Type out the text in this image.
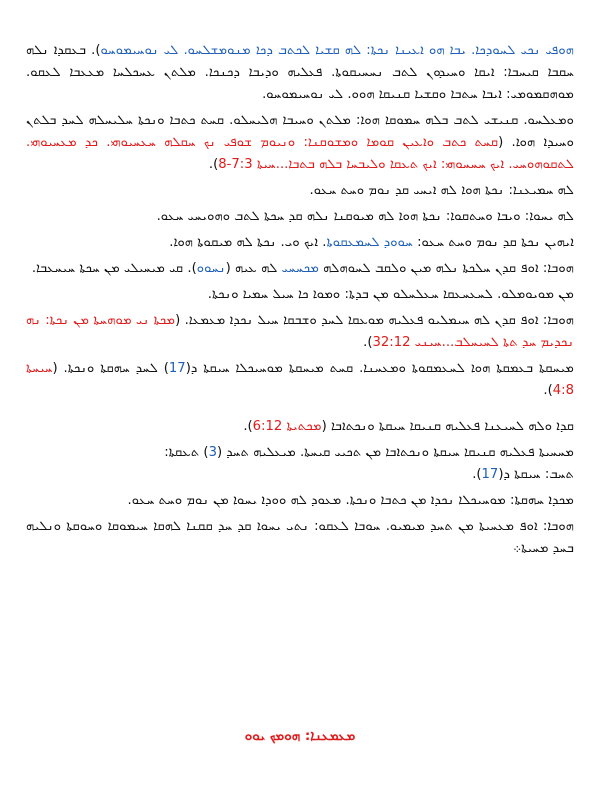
ܗܘܦܝ ܢܟܝ ܠܚܘܕܟܐ. ܝܒܐ ܗܘ ܐܥܝܢܐ ܢܟܬܐ: ܠܗ ܩܫܝܐ ܠܟܬܒ ܕܟܐ ܡܢܘܡܫܠܚܘ. ܠܝ ܢܘܚܝܡܘܚܘ). ܒܥܩܕܐ ܢܠܗ ܚܩܒܐ ܩܝܚܒܐ: ܐܝܩܐ ܘܚܝܕܘܢ ܠܬܒ ܢܚܚܝܩܘܬܐ. ܦܥܠܝܗ ܘܕܝܒܐ ܕܟܢܟܐ. ܡܠܬܢ ܥܚܟܠܚܐ ܡܥܥܒܐ ܠܥܩܘ. ܡܘܗܩܡܘܡܝ: ܐܝܒܐ ܚܬܒܐ ܘܩܫܝܐ ܩܢܝܩܐ ܗܘܘ. ܠܝ ܢܘܚܝܡܘܚܘ.

ܘܡܥܠܚܘ. ܩܢܝܫܝ ܠܬܒ ܒܠܗ ܚܡܘܩܐ ܗܘܐ: ܡܠܬܢ ܘܚܝܒܐ ܗܠܝܚܠܘ. ܩܚܬ ܟܬܒܐ ܘܢܟܬܐ ܚܠܝܚܠܗ ܠܚܕ ܒܠܬܢ ܘܚܝܕܐ ܗܘܐ. (ܩܚܬ ܟܬܒ ܘܐܥܝܢ ܩܘܡܐ ܘܡܫܘܩܢܐ: ܘܢܝܘܡ ܫܘܦܝ ܢܟ ܚܩܠܗ ܚܥܚܝܘܗܝ. ܟܕ ܡܥܚܝܘܗܝ. ܠܬܩܘܗܘܚܝ. ܐܝܟ ܚܚܚܘܗܝ: ܐܝܟ ܬܥܩܐ ܘܠܝܒܚܐ ܒܠܗ ܒܬܒܐ...ܚܝܬܐ 7:3-8).

ܠܗ ܚܡܝܥܢܐ: ܢܟܬܐ ܗܘܐ ܠܗ ܐܝܚܝ ܩܕ ܢܘܡ ܘܚܬ ܚܥܘ.

ܠܗ ܝܚܘܐ: ܘܝܒܐ ܘܚܬܩܘܐ: ܢܟܬܐ ܗܘܐ ܠܗ ܡܝܘܩܢܐ ܢܠܗ ܩܕ ܚܟܬܐ ܠܬܒ ܘܗܘܝܚܝ ܚܥܘ.

ܐܝܗܝܢ ܢܟܬܐ ܩܕ ܢܘܡ ܘܚܬ ܚܥܘ: ܚܘܘܕ ܠܚܡܥܩܘܬܐ. ܐܝܟ ܘܝ. ܢܟܬܐ ܠܗ ܡܝܩܘܬܐ ܗܘܐ.

ܗܘܒܐ: ܐܘܦ ܩܕܢ ܚܠܟܬܐ ܢܠܗ ܡܝܢ ܘܠܩܒ ܠܚܘܗܠܗ ܡܟܚܚܝ ܠܗ ܥܝܗ (ܢܚܘܘ). ܩܝ ܡܝܚܝܠܝ ܡܢ ܚܟܬܐ ܚܝܚܥܒܐ.

ܡܢ ܡܘܝܘܡܠܘ. ܠܚܥܚܥܩܐ ܚܥܠܚܠܘ ܡܢ ܒܕܬܐ: ܘܡܘܐ ܟܐ ܚܝܠ ܚܡܝܐ ܘܢܟܬܐ.

ܗܘܒܐ: ܐܘܦ ܩܕܢ ܠܗ ܚܝܡܠܝܘ ܦܥܠܝܗ ܡܘܥܩܐ ܠܚܕ ܘܫܒܩܐ ܚܝܠ ܢܟܕܐ ܡܥܡܥܐ. (ܡܟܬܐ ܢܝ ܡܘܗܚܬܐ ܡܢ ܢܟܬܐ: ܢܗ ܢܟܕܝܡ ܚܕ ܬܬܐ ܠܚܝܚܠܒ...ܚܝܢܝ 32:12).

ܡܝܚܩܬܐ ܒܥܡܩܬܐ ܗܘܐ ܠܚܥܡܩܘܬܐ ܘܡܥܚܢܐ. ܩܚܬ ܡܝܚܩܬܐ ܡܘܚܝܟܠܐ ܚܝܩܬܐ ܕ(17) ܠܚܕ ܚܗܩܬܐ ܘܢܟܬܐ. (ܚܝܚܬܐ 4:8).

ܩܕܐ ܘܠܗ ܠܚܝܥܢܐ ܦܥܠܝܗ ܩܢܝܩܐ ܚܝܩܬܐ ܘܢܟܬܐܒܐ (ܡܟܬܝܬܐ 6:12).

ܡܚܚܝܬܐ ܦܥܠܝܗ ܩܢܝܩܐ ܚܝܩܬܐ ܘܢܟܬܐܒܐ ܡܢ ܬܟܝܝ ܩܝܚܬܐ. ܡܝܥܠܝܗ ܬܚܕ (3) ܬܥܩܬܐ:
ܬܚܒ: ܚܝܩܬܐ ܕ(17).

ܡܟܕܐ ܚܗܩܬܐ: ܡܘܚܝܟܠܐ ܢܟܕܐ ܡܢ ܟܬܒܐ ܘܢܟܬܐ. ܡܥܘܕ ܠܗ ܘܘܕܐ ܝܚܘܐ ܡܢ ܢܘܡ ܘܚܬ ܚܥܘ.

ܗܘܒܐ: ܐܘܦ ܡܥܚܝܬܐ ܡܢ ܬܚܕ ܡܝܡܝܘ. ܚܘܒܐ ܠܥܩܘ: ܢܬܝ ܝܚܘܐ ܩܕ ܚܕ ܩܩܢܐ ܠܗܩܐ ܚܝܡܘܩܐ ܘܚܘܩܬܐ ܘܢܠܝܗ ܒܚܕ ܡܚܝܬܐ܀

ܡܥܡܥܢܐ: ܗܘܡܟ ܝܘܘ
